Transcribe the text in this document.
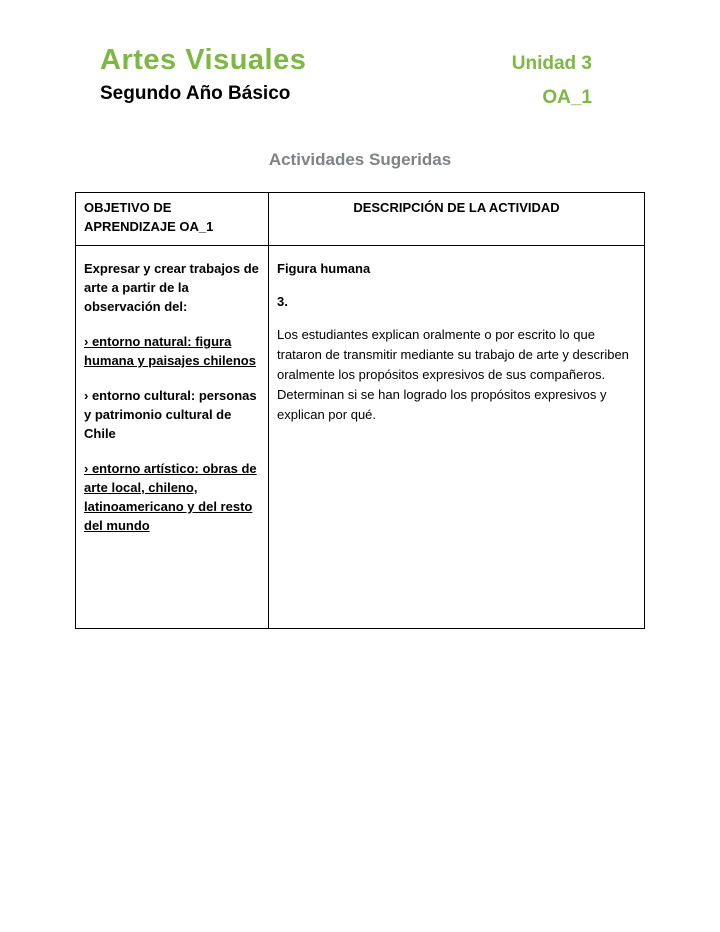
Artes Visuales
Segundo Año Básico
Unidad 3
OA_1
Actividades Sugeridas
OBJETIVO DE APRENDIZAJE OA_1
DESCRIPCIÓN DE LA ACTIVIDAD

Expresar y crear trabajos de arte a partir de la observación del:

› entorno natural: figura humana y paisajes chilenos

› entorno cultural: personas y patrimonio cultural de Chile

› entorno artístico: obras de arte local, chileno, latinoamericano y del resto del mundo

Figura humana

3.

Los estudiantes explican oralmente o por escrito lo que trataron de transmitir mediante su trabajo de arte y describen oralmente los propósitos expresivos de sus compañeros. Determinan si se han logrado los propósitos expresivos y explican por qué.
